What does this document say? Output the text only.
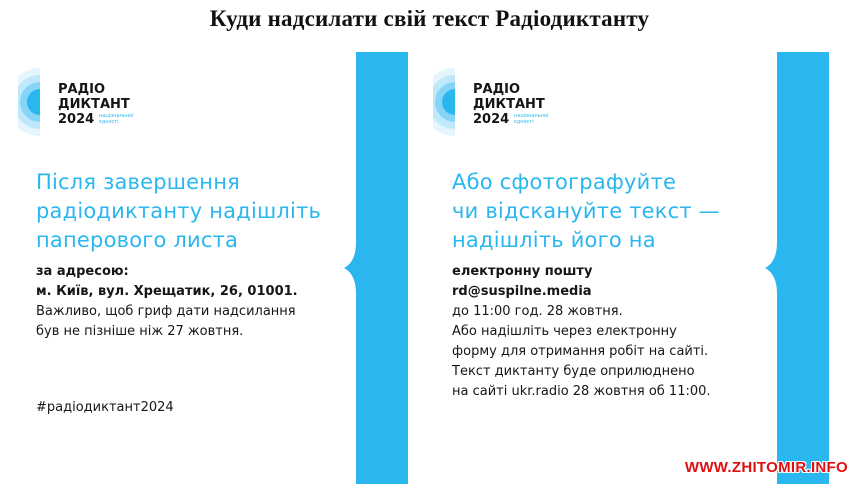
Куди надсилати свій текст Радіодиктанту
РАДІО
ДИКТАНТ
2024 національної
єдності
Після завершення
радіодиктанту надішліть
паперового листа
за адресою:
м. Київ, вул. Хрещатик, 26, 01001.
Важливо, щоб гриф дати надсилання
був не пізніше ніж 27 жовтня.
#радіодиктант2024
РАДІО
ДИКТАНТ
2024 національної
єдності
Або сфотографуйте
чи відскануйте текст —
надішліть його на
електронну пошту
rd@suspilne.media
до 11:00 год. 28 жовтня.
Або надішліть через електронну
форму для отримання робіт на сайті.
Текст диктанту буде оприлюднено
на сайті ukr.radio 28 жовтня об 11:00.
WWW.ZHITOMIR.INFO
